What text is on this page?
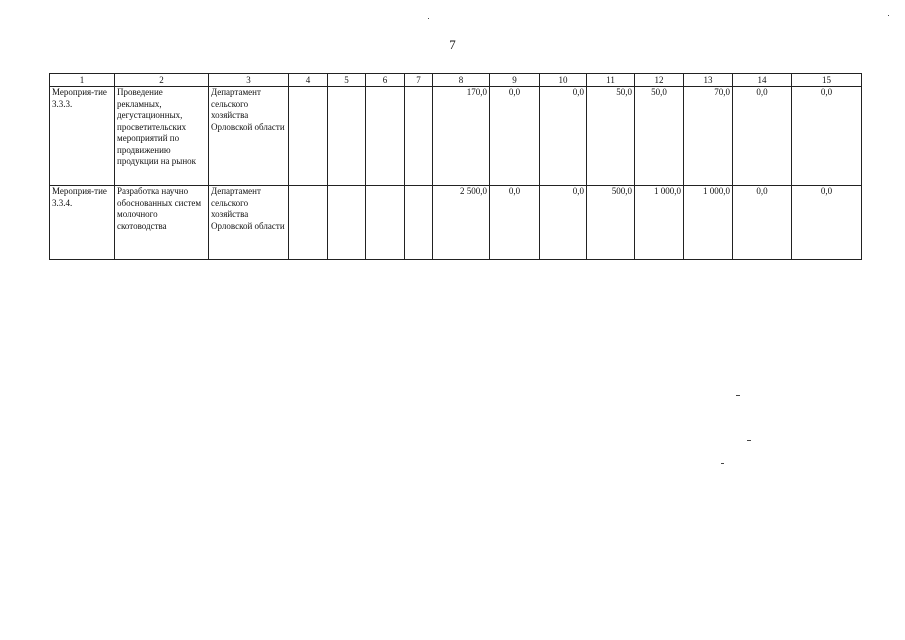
7
1	2	3	4	5	6	7	8	9	10	11	12	13	14	15
Мероприя-тие 3.3.3.	Проведение рекламных, дегустационных, просветительских мероприятий по продвижению продукции на рынок	Департамент сельского хозяйства Орловской области					170,0	0,0	0,0	50,0	50,0	70,0	0,0	0,0
Мероприя-тие 3.3.4.	Разработка научно обоснованных систем молочного скотоводства	Департамент сельского хозяйства Орловской области					2 500,0	0,0	0,0	500,0	1 000,0	1 000,0	0,0	0,0
